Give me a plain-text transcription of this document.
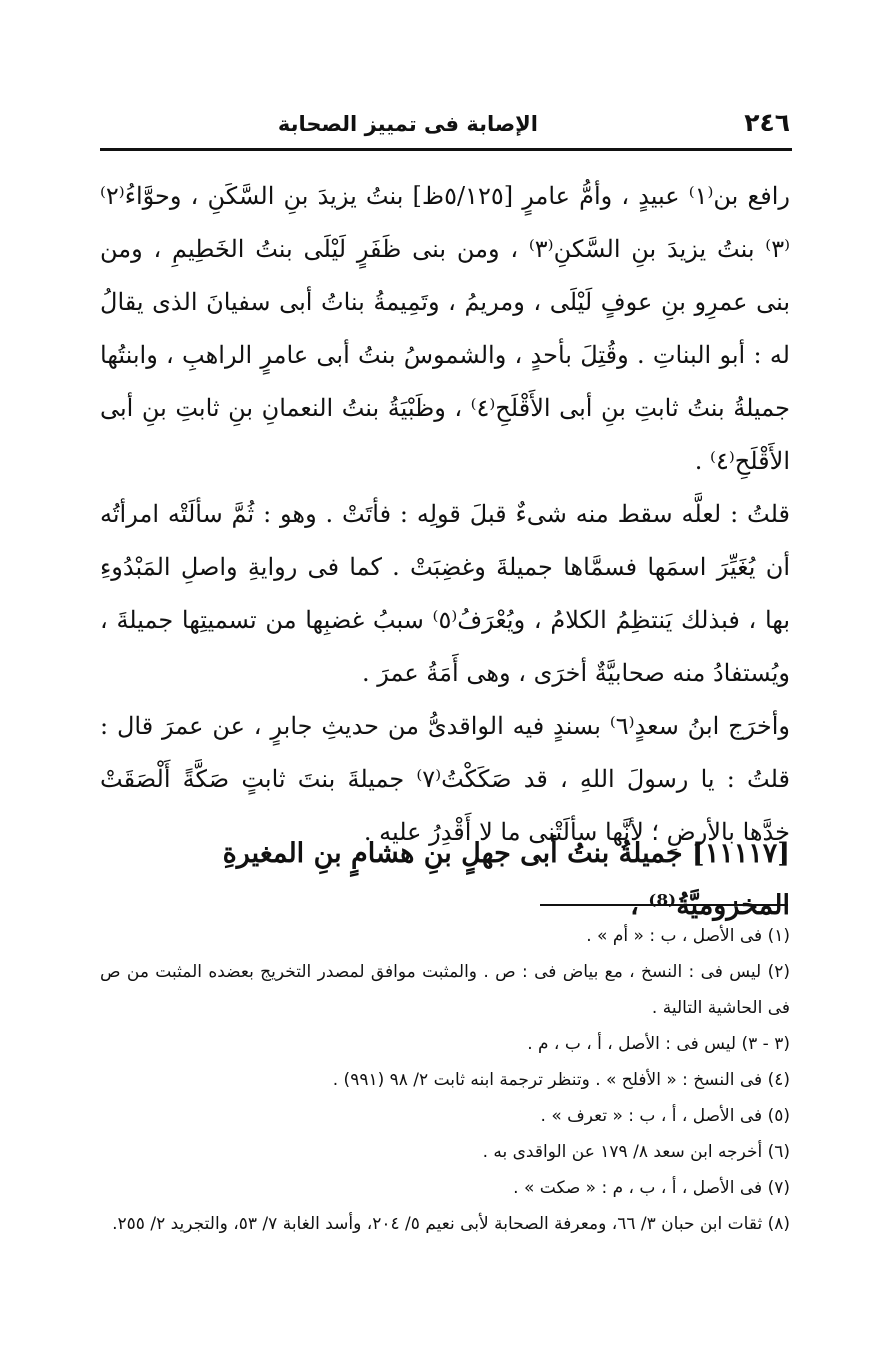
٢٤٦
الإصابة فى تمييز الصحابة

رافع بن⁽١⁾ عبيدٍ ، وأمُّ عامرٍ [٥/١٢٥ظ] بنتُ يزيدَ بنِ السَّكَنِ ، وحوَّاءُ⁽٢⁾ ⁽٣⁾ بنتُ يزيدَ بنِ السَّكنِ⁽٣⁾ ، ومن بنى ظَفَرٍ لَيْلَى بنتُ الخَطِيمِ ، ومن بنى عمرِو بنِ عوفٍ لَيْلَى ، ومريمُ ، وتَمِيمةُ بناتُ أبى سفيانَ الذى يقالُ له : أبو البناتِ . وقُتِلَ بأحدٍ ، والشموسُ بنتُ أبى عامرٍ الراهبِ ، وابنتُها جميلةُ بنتُ ثابتِ بنِ أبى الأَقْلَحِ⁽٤⁾ ، وظَبْيَةُ بنتُ النعمانِ بنِ ثابتِ بنِ أبى الأَقْلَحِ⁽٤⁾ .

قلتُ : لعلَّه سقط منه شىءٌ قبلَ قولِه : فأتَتْ . وهو : ثُمَّ سألَتْه امرأتُه أن يُغَيِّرَ اسمَها فسمَّاها جميلةَ وغضِبَتْ . كما فى روايةِ واصلِ المَبْدُوءِ بها ، فبذلك يَنتظِمُ الكلامُ ، ويُعْرَفُ⁽٥⁾ سببُ غضبِها من تسميتِها جميلةَ ، ويُستفادُ منه صحابيَّةٌ أخرَى ، وهى أَمَةُ عمرَ .

وأخرَج ابنُ سعدٍ⁽٦⁾ بسندٍ فيه الواقدىُّ من حديثِ جابرٍ ، عن عمرَ قال : قلتُ : يا رسولَ اللهِ ، قد صَكَكْتُ⁽٧⁾ جميلةَ بنتَ ثابتٍ صَكَّةً أَلْصَقَتْ خدَّها بالأرضِ ؛ لأنَّها سألَتْنى ما لا أَقْدِرُ عليه .

[١١١١٧] جميلةُ بنتُ أبى جهلٍ بنِ هشامٍ بنِ المغيرةِ المخزوميَّةُ⁽⁸⁾ ،
(١) فى الأصل ، ب : « أم » .
(٢) ليس فى : النسخ ، مع بياض فى : ص . والمثبت موافق لمصدر التخريج بعضده المثبت من ص فى الحاشية التالية .
(٣ - ٣) ليس فى : الأصل ، أ ، ب ، م .
(٤) فى النسخ : « الأفلح » . وتنظر ترجمة ابنه ثابت ٢/ ٩٨ (٩٩١) .
(٥) فى الأصل ، أ ، ب : « تعرف » .
(٦) أخرجه ابن سعد ٨/ ١٧٩ عن الواقدى به .
(٧) فى الأصل ، أ ، ب ، م : « صكت » .
(٨) ثقات ابن حبان ٣/ ٦٦، ومعرفة الصحابة لأبى نعيم ٥/ ٢٠٤، وأسد الغابة ٧/ ٥٣، والتجريد ٢/ ٢٥٥.
